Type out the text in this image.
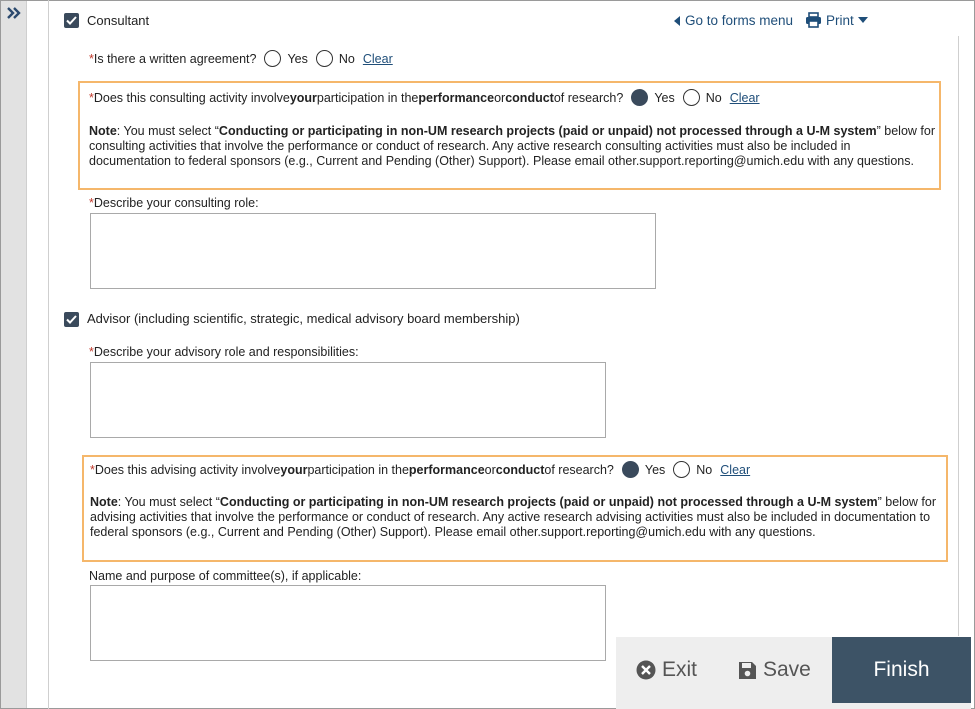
Go to forms menu Print
Consultant
* Is there a written agreement? Yes No Clear
* Does this consulting activity involve your participation in the performance or conduct of research? Yes No Clear
Note: You must select “Conducting or participating in non-UM research projects (paid or unpaid) not processed through a U-M system” below for consulting activities that involve the performance or conduct of research. Any active research consulting activities must also be included in documentation to federal sponsors (e.g., Current and Pending (Other) Support). Please email other.support.reporting@umich.edu with any questions.
*Describe your consulting role:
Advisor (including scientific, strategic, medical advisory board membership)
*Describe your advisory role and responsibilities:
* Does this advising activity involve your participation in the performance or conduct of research? Yes No Clear
Note: You must select “Conducting or participating in non-UM research projects (paid or unpaid) not processed through a U-M system” below for advising activities that involve the performance or conduct of research. Any active research advising activities must also be included in documentation to federal sponsors (e.g., Current and Pending (Other) Support). Please email other.support.reporting@umich.edu with any questions.
Name and purpose of committee(s), if applicable:
Exit	Save	Finish
